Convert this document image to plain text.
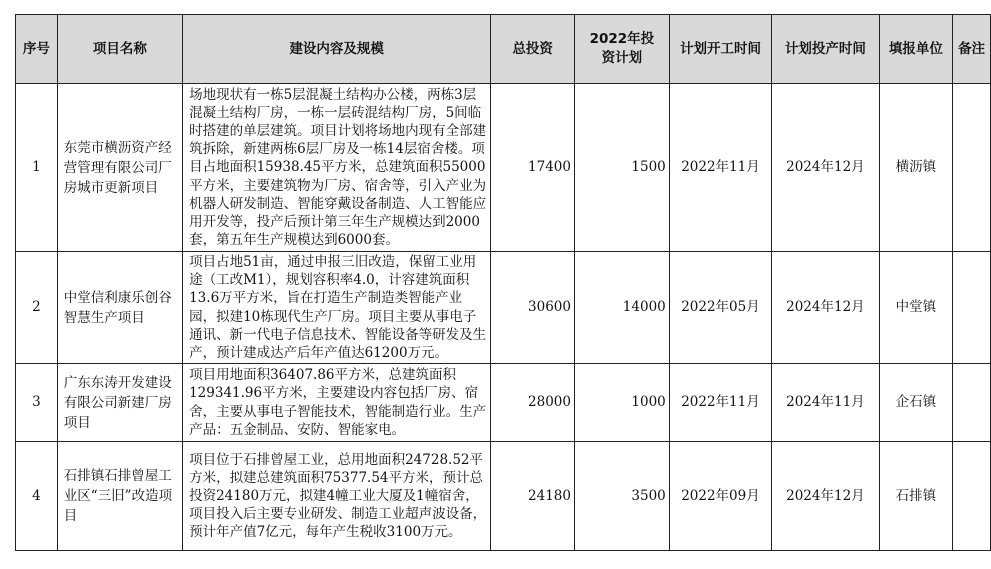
序号	项目名称	建设内容及规模	总投资	2022年投资计划	计划开工时间	计划投产时间	填报单位	备注
1	东莞市横沥资产经营管理有限公司厂房城市更新项目	场地现状有一栋5层混凝土结构办公楼，两栋3层混凝土结构厂房，一栋一层砖混结构厂房，5间临时搭建的单层建筑。项目计划将场地内现有全部建筑拆除，新建两栋6层厂房及一栋14层宿舍楼。项目占地面积15938.45平方米，总建筑面积55000平方米，主要建筑物为厂房、宿舍等，引入产业为机器人研发制造、智能穿戴设备制造、人工智能应用开发等，投产后预计第三年生产规模达到2000套，第五年生产规模达到6000套。	17400	1500	2022年11月	2024年12月	横沥镇	
2	中堂信利康乐创谷智慧生产项目	项目占地51亩，通过申报三旧改造，保留工业用途（工改M1），规划容积率4.0，计容建筑面积13.6万平方米，旨在打造生产制造类智能产业园，拟建10栋现代生产厂房。项目主要从事电子通讯、新一代电子信息技术、智能设备等研发及生产，预计建成达产后年产值达61200万元。	30600	14000	2022年05月	2024年12月	中堂镇	
3	广东东涛开发建设有限公司新建厂房项目	项目用地面积36407.86平方米，总建筑面积129341.96平方米，主要建设内容包括厂房、宿舍，主要从事电子智能技术，智能制造行业。生产产品：五金制品、安防、智能家电。	28000	1000	2022年11月	2024年11月	企石镇	
4	石排镇石排曾屋工业区“三旧”改造项目	项目位于石排曾屋工业，总用地面积24728.52平方米，拟建总建筑面积75377.54平方米，预计总投资24180万元，拟建4幢工业大厦及1幢宿舍，项目投入后主要专业研发、制造工业超声波设备，预计年产值7亿元，每年产生税收3100万元。	24180	3500	2022年09月	2024年12月	石排镇	
